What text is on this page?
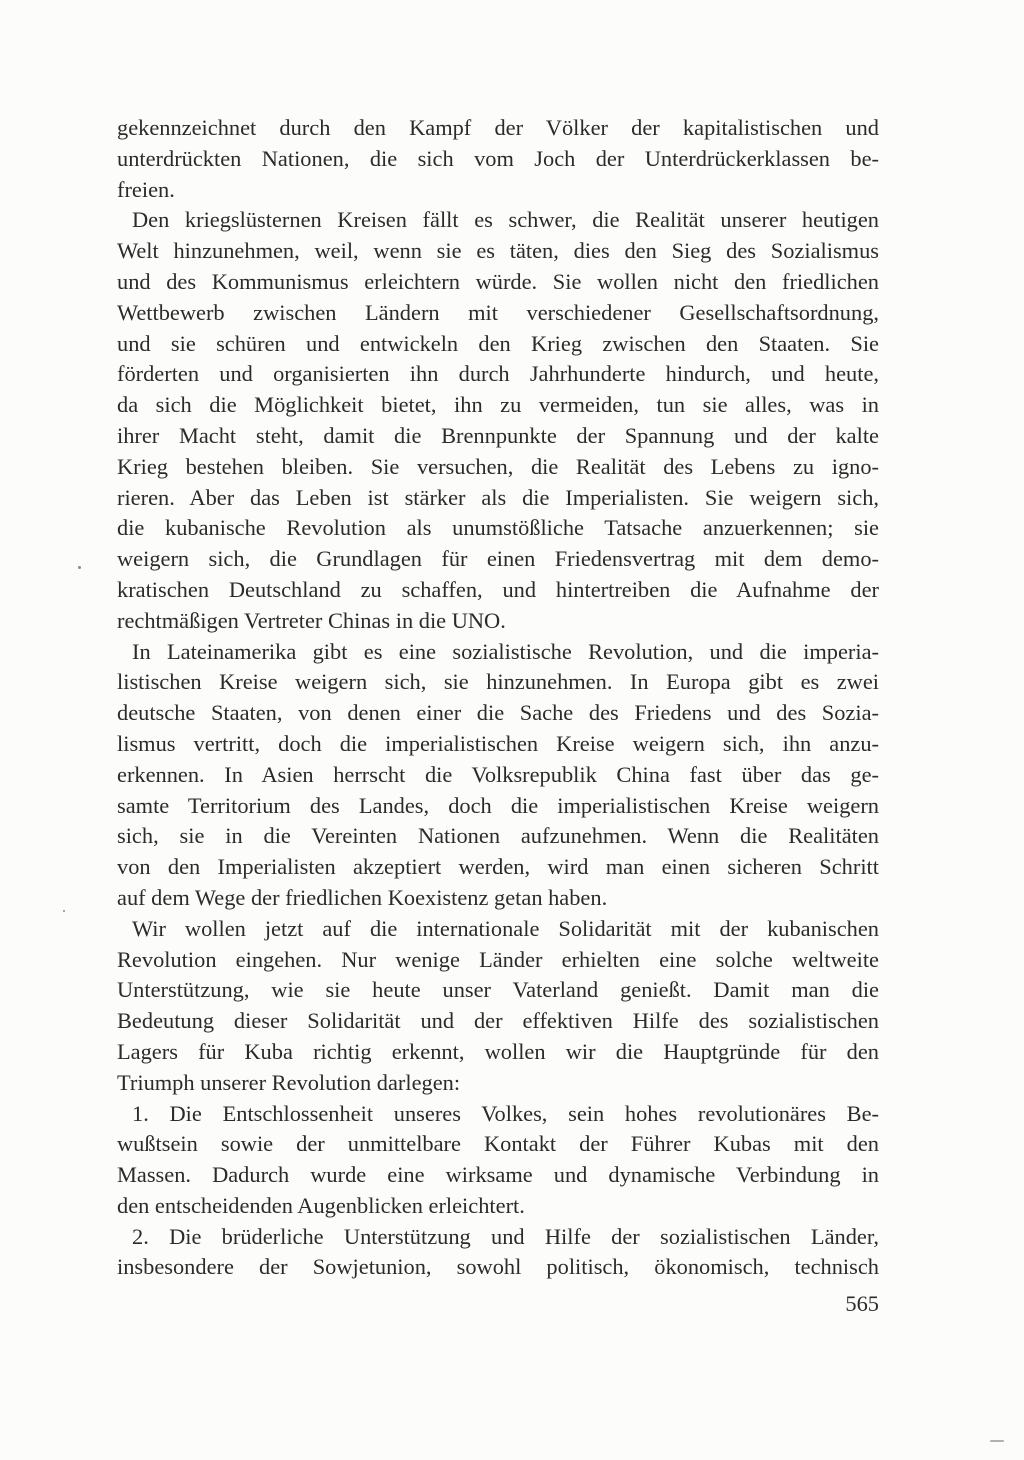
gekennzeichnet durch den Kampf der Völker der kapitalistischen und
unterdrückten Nationen, die sich vom Joch der Unterdrückerklassen be-
freien.
Den kriegslüsternen Kreisen fällt es schwer, die Realität unserer heutigen
Welt hinzunehmen, weil, wenn sie es täten, dies den Sieg des Sozialismus
und des Kommunismus erleichtern würde. Sie wollen nicht den friedlichen
Wettbewerb zwischen Ländern mit verschiedener Gesellschaftsordnung,
und sie schüren und entwickeln den Krieg zwischen den Staaten. Sie
förderten und organisierten ihn durch Jahrhunderte hindurch, und heute,
da sich die Möglichkeit bietet, ihn zu vermeiden, tun sie alles, was in
ihrer Macht steht, damit die Brennpunkte der Spannung und der kalte
Krieg bestehen bleiben. Sie versuchen, die Realität des Lebens zu igno-
rieren. Aber das Leben ist stärker als die Imperialisten. Sie weigern sich,
die kubanische Revolution als unumstößliche Tatsache anzuerkennen; sie
weigern sich, die Grundlagen für einen Friedensvertrag mit dem demo-
kratischen Deutschland zu schaffen, und hintertreiben die Aufnahme der
rechtmäßigen Vertreter Chinas in die UNO.
In Lateinamerika gibt es eine sozialistische Revolution, und die imperia-
listischen Kreise weigern sich, sie hinzunehmen. In Europa gibt es zwei
deutsche Staaten, von denen einer die Sache des Friedens und des Sozia-
lismus vertritt, doch die imperialistischen Kreise weigern sich, ihn anzu-
erkennen. In Asien herrscht die Volksrepublik China fast über das ge-
samte Territorium des Landes, doch die imperialistischen Kreise weigern
sich, sie in die Vereinten Nationen aufzunehmen. Wenn die Realitäten
von den Imperialisten akzeptiert werden, wird man einen sicheren Schritt
auf dem Wege der friedlichen Koexistenz getan haben.
Wir wollen jetzt auf die internationale Solidarität mit der kubanischen
Revolution eingehen. Nur wenige Länder erhielten eine solche weltweite
Unterstützung, wie sie heute unser Vaterland genießt. Damit man die
Bedeutung dieser Solidarität und der effektiven Hilfe des sozialistischen
Lagers für Kuba richtig erkennt, wollen wir die Hauptgründe für den
Triumph unserer Revolution darlegen:
1. Die Entschlossenheit unseres Volkes, sein hohes revolutionäres Be-
wußtsein sowie der unmittelbare Kontakt der Führer Kubas mit den
Massen. Dadurch wurde eine wirksame und dynamische Verbindung in
den entscheidenden Augenblicken erleichtert.
2. Die brüderliche Unterstützung und Hilfe der sozialistischen Länder,
insbesondere der Sowjetunion, sowohl politisch, ökonomisch, technisch
565
